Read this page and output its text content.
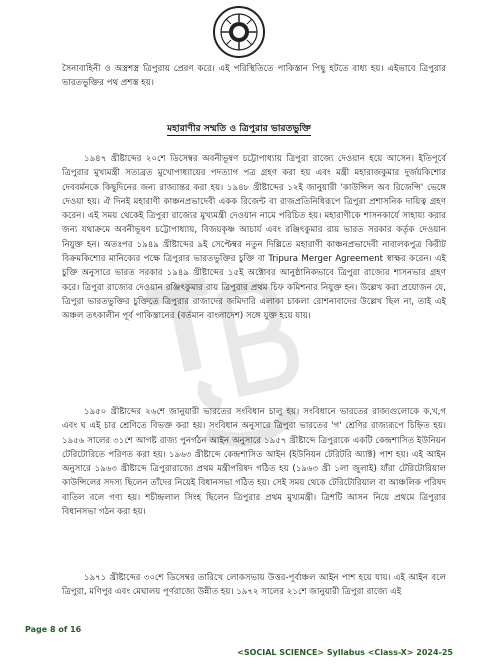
সৈনাবাহিনী ও অস্ত্রশস্ত্র ত্রিপুরায় প্রেরণ করে। এই পরিস্থিতিতে পাকিস্তান পিছু হটতে বাধ্য হয়। এইভাবে ত্রিপুরার ভারতভুক্তির পথ প্রশস্ত হয়।

মহারাণীর সম্মতি ও ত্রিপুরার ভারতভুক্তি

১৯৪৭ খ্রীষ্টাব্দের ২০শে ডিসেম্বর অবনীভূষণ চট্টোপাধ্যায় ত্রিপুরা রাজ্যে দেওয়ান হয়ে আসেন। ইতিপূর্বে ত্রিপুরার মুখ্যমন্ত্রী সত্যব্রত মুখোপাধ্যায়ের পদত্যাগ পত্র গ্রহণ করা হয় এবং মন্ত্রী মহারাজকুমার দুর্জয়কিশোর দেববর্মনকে কিছুদিনের জন্য রাজ্যান্তর করা হয়। ১৯৪৮ খ্রীষ্টাব্দের ১২ই জানুয়ারী 'কাউন্সিল অব রিজেন্সি' ভেঙ্গে দেওয়া হয়। ঐ দিনই মহারাণী কাঞ্চনপ্রভাদেবী একক রিজেন্ট বা রাজপ্রতিনিধিরূপে ত্রিপুরা প্রশাসনিক দায়িত্ব গ্রহণ করেন। এই সময় থেকেই ত্রিপুরা রাজ্যের মুখ্যমন্ত্রী দেওয়ান নামে পরিচিত হয়। মহারাণীকে শাসনকার্যে সাহায্য করার জন্য যথাক্রমে অবনীভূষণ চট্টোপাধ্যায়, বিজয়কৃষ্ণ আচার্য এবং রঞ্জিৎকুমার রায় ভারত সরকার কর্তৃক দেওয়ান নিযুক্ত হন। অতঃপর ১৯৪৯ খ্রীষ্টাব্দের ৯ই সেপ্টেম্বর নতুন দিল্লিতে মহারাণী কাঞ্চনপ্রভাদেবী নাবালকপুত্র কিরীট বিক্রমকিশোর মানিক্যের পক্ষে ত্রিপুরার ভারতভুক্তির চুক্তি বা Tripura Merger Agreement স্বাক্ষর করেন। এই চুক্তি অনুসারে ভারত সরকার ১৯৪৯ খ্রীষ্টাব্দের ১৫ই অক্টোবর আনুষ্ঠানিকভাবে ত্রিপুরা রাজ্যের শাসনভার গ্রহণ করে। ত্রিপুরা রাজ্যের দেওয়ান রঞ্জিৎকুমার রায় ত্রিপুরার প্রথম চিফ কমিশনার নিযুক্ত হন। উল্লেখ করা প্রয়োজন যে, ত্রিপুরা ভারতভুক্তির চুক্তিতে ত্রিপুরার রাজাদের জমিদারি এলাকা চাকলা রোশনাবাদের উল্লেখ ছিল না, তাই এই অঞ্চল তৎকালীন পূর্ব পাকিস্তানের (বর্তমান বাংলাদেশ) সঙ্গে যুক্ত হয়ে যায়।

১৯৫০ খ্রীষ্টাব্দের ২৬শে জানুয়ারী ভারতের সংবিধান চালু হয়। সংবিধানে ভারতের রাজ্যগুলোকে ক,খ,গ এবং ঘ এই চার শ্রেণিতে বিভক্ত করা হয়। সংবিধান অনুসারে ত্রিপুরা ভারতের 'গ' শ্রেণির রাজ্যরূপে চিহ্নিত হয়। ১৯৫৬ সালের ৩১শে আগষ্ট রাজ্য পুনর্গঠন আইন অনুসারে ১৯৫৭ খ্রীষ্টাব্দে ত্রিপুরাকে একটি কেন্দ্রশাসিত ইউনিয়ন টেরিটোরিতে পরিণত করা হয়। ১৯৬৩ খ্রীষ্টাব্দে কেন্দ্রশাসিত আইন (ইউনিয়ন টেরিটরি অ্যাক্ট) পাশ হয়। এই আইন অনুসারে ১৯৬৩ খ্রীষ্টাব্দে ত্রিপুরারাজ্যে প্রথম মন্ত্রীপরিষদ গঠিত হয় (১৯৬৩ খ্রী ১লা জুলাই) যাঁরা টেরিটোরিয়াল কাউন্সিলের সদস্য ছিলেন তাঁদের নিয়েই বিধানসভা গঠিত হয়। সেই সময় থেকে টেরিটোরিয়াল বা আঞ্চলিক পরিষদ বাতিল বলে গণ্য হয়। শচীন্দ্রলাল সিংহ ছিলেন ত্রিপুরার প্রথম মুখ্যমন্ত্রী। ত্রিশটি আসন নিয়ে প্রথমে ত্রিপুরার বিধানসভা গঠন করা হয়।

১৯৭১ খ্রীষ্টাব্দের ৩০শে ডিসেম্বর তারিখে লোকসভায় উত্তর-পূর্বাঞ্চল আইন পাশ হয়ে যায়। এই আইন বলে ত্রিপুরা, মণিপুর এবং মেঘালয় পূর্ণরাজ্যে উন্নীত হয়। ১৯৭২ সালের ২১শে জানুয়ারী ত্রিপুরা রাজ্যে এই

Page 8 of 16
<SOCIAL SCIENCE> Syllabus <Class-X> 2024-25
